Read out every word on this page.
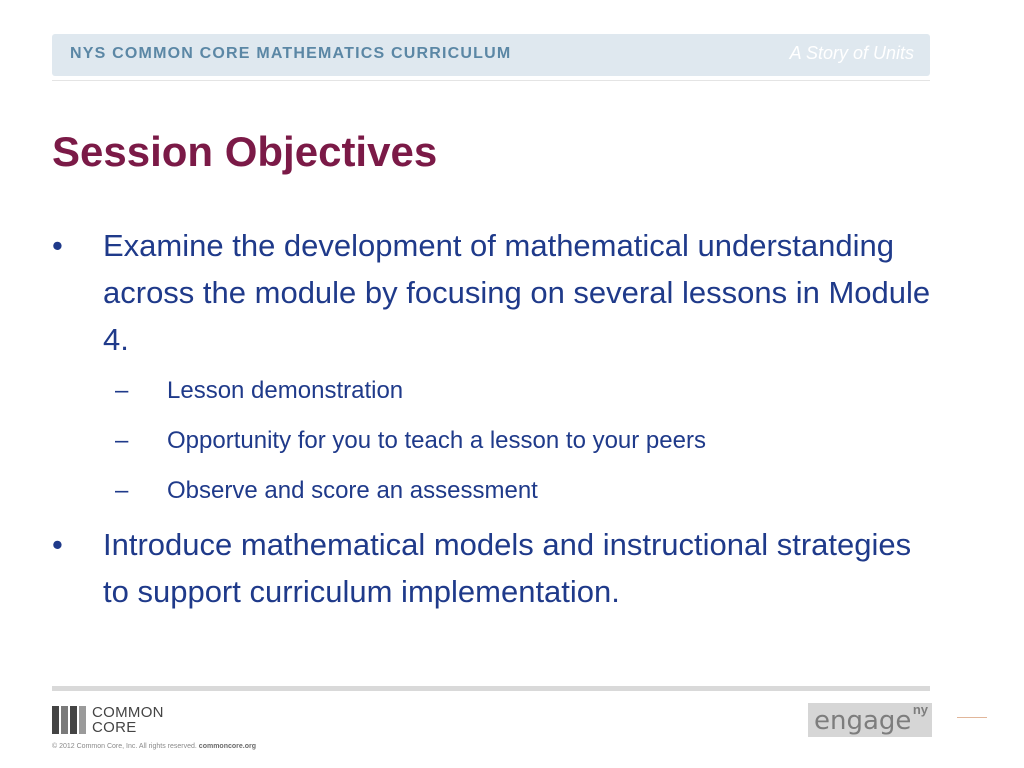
NYS COMMON CORE MATHEMATICS CURRICULUM	A Story of Units
Session Objectives
• Examine the development of mathematical understanding across the module by focusing on several lessons in Module 4.
– Lesson demonstration
– Opportunity for you to teach a lesson to your peers
– Observe and score an assessment
• Introduce mathematical models and instructional strategies to support curriculum implementation.
COMMON
CORE
© 2012 Common Core, Inc. All rights reserved. commoncore.org
engage ny
